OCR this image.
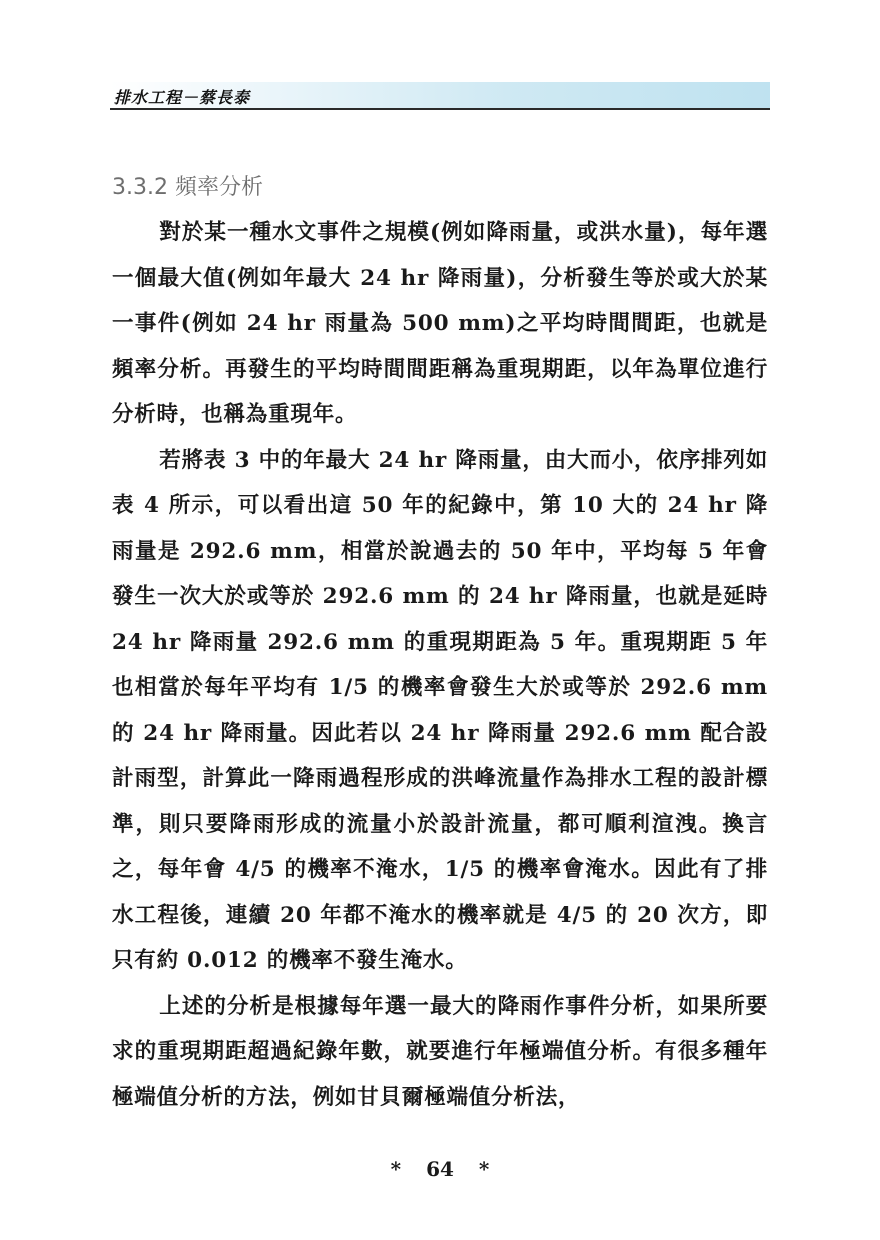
排水工程－蔡長泰
3.3.2 頻率分析

對於某一種水文事件之規模(例如降雨量，或洪水量)，每年選一個最大值(例如年最大 24 hr 降雨量)，分析發生等於或大於某一事件(例如 24 hr 雨量為 500 mm)之平均時間間距，也就是頻率分析。再發生的平均時間間距稱為重現期距，以年為單位進行分析時，也稱為重現年。

若將表 3 中的年最大 24 hr 降雨量，由大而小，依序排列如表 4 所示，可以看出這 50 年的紀錄中，第 10 大的 24 hr 降雨量是 292.6 mm，相當於說過去的 50 年中，平均每 5 年會發生一次大於或等於 292.6 mm 的 24 hr 降雨量，也就是延時 24 hr 降雨量 292.6 mm 的重現期距為 5 年。重現期距 5 年也相當於每年平均有 1/5 的機率會發生大於或等於 292.6 mm 的 24 hr 降雨量。因此若以 24 hr 降雨量 292.6 mm 配合設計雨型，計算此一降雨過程形成的洪峰流量作為排水工程的設計標準，則只要降雨形成的流量小於設計流量，都可順利渲洩。換言之，每年會 4/5 的機率不淹水，1/5 的機率會淹水。因此有了排水工程後，連續 20 年都不淹水的機率就是 4/5 的 20 次方，即只有約 0.012 的機率不發生淹水。

上述的分析是根據每年選一最大的降雨作事件分析，如果所要求的重現期距超過紀錄年數，就要進行年極端值分析。有很多種年極端值分析的方法，例如甘貝爾極端值分析法，

* 64 *
